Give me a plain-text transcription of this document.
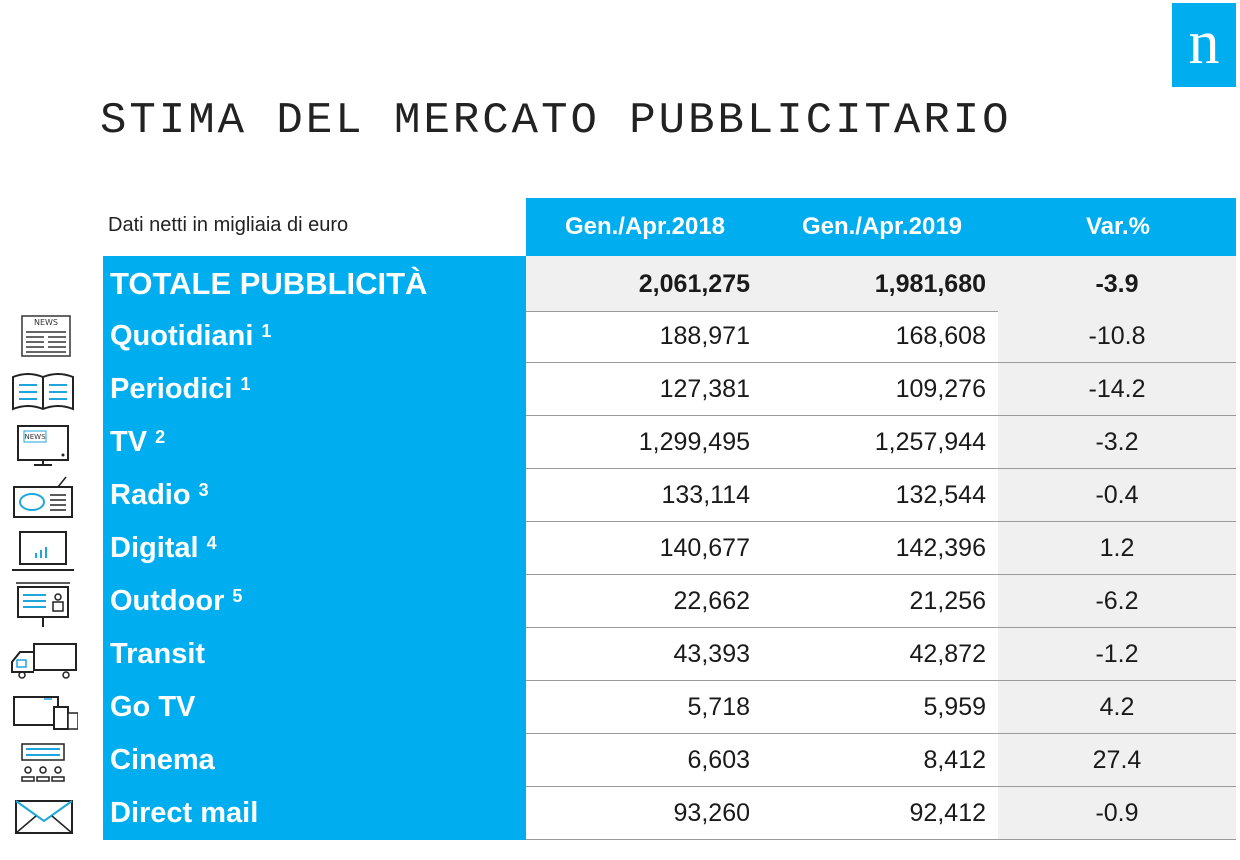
n
STIMA DEL MERCATO PUBBLICITARIO
Dati netti in migliaia di euro	Gen./Apr.2018	Gen./Apr.2019	Var.%
TOTALE PUBBLICITÀ	2,061,275	1,981,680	-3.9
NEWS Quotidiani $^1$	188,971	168,608	-10.8
Periodici $^1$	127,381	109,276	-14.2
NEWS TV $^2$	1,299,495	1,257,944	-3.2
Radio $^3$	133,114	132,544	-0.4
Digital $^4$	140,677	142,396	1.2
Outdoor $^5$	22,662	21,256	-6.2
Transit	43,393	42,872	-1.2
Go TV	5,718	5,959	4.2
Cinema	6,603	8,412	27.4
Direct mail	93,260	92,412	-0.9
